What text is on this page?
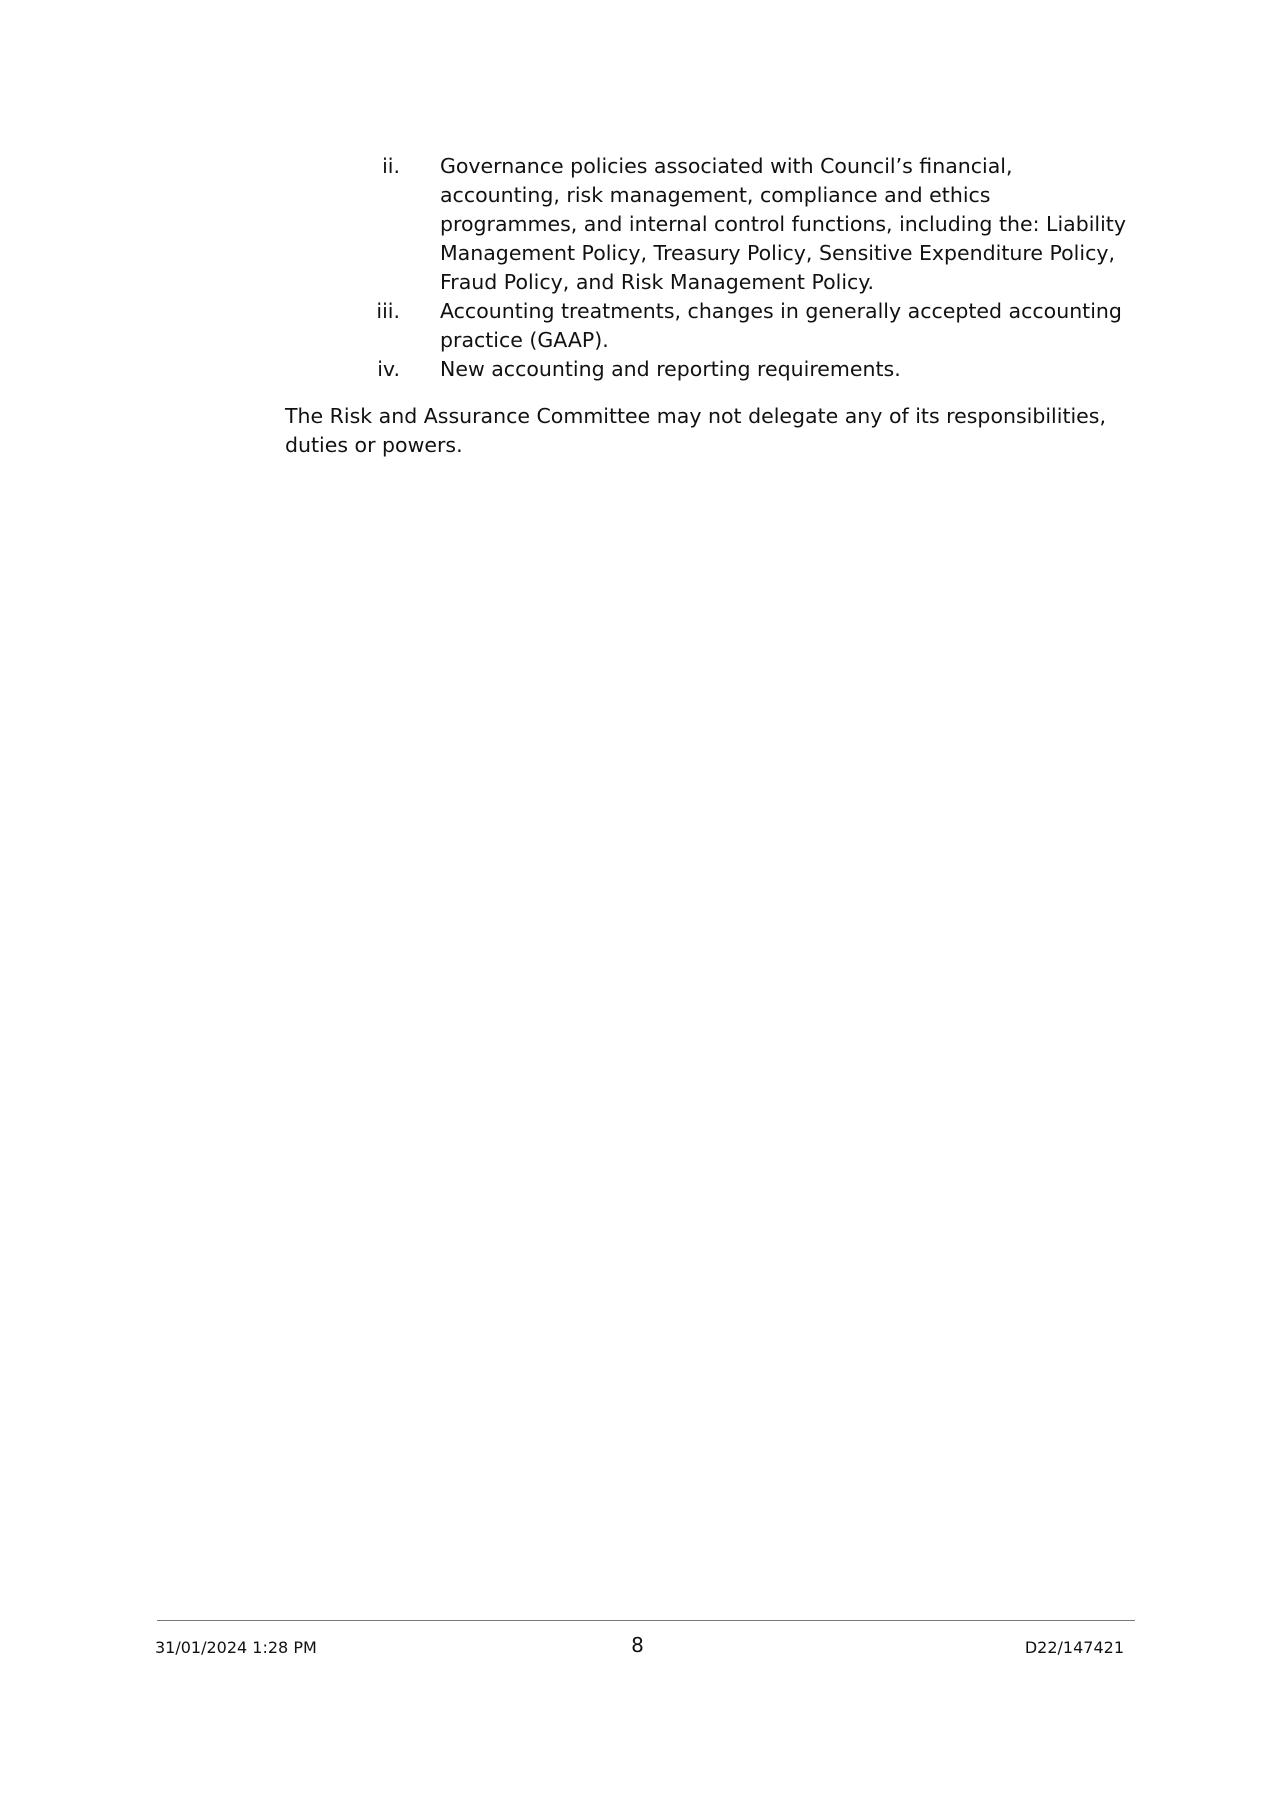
ii. Governance policies associated with Council’s financial, accounting, risk management, compliance and ethics programmes, and internal control functions, including the: Liability Management Policy, Treasury Policy, Sensitive Expenditure Policy, Fraud Policy, and Risk Management Policy.
iii. Accounting treatments, changes in generally accepted accounting practice (GAAP).
iv. New accounting and reporting requirements.

The Risk and Assurance Committee may not delegate any of its responsibilities, duties or powers.

31/01/2024 1:28 PM	8	D22/147421
